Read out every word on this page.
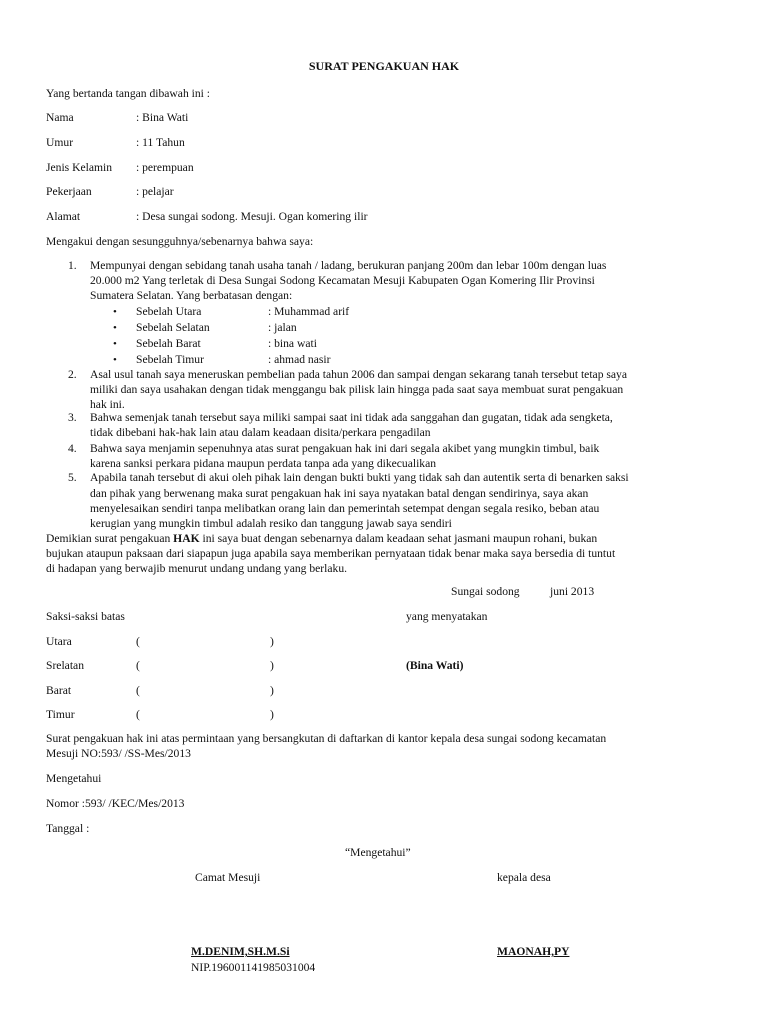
SURAT PENGAKUAN HAK
Yang bertanda tangan dibawah ini :
Nama	: Bina Wati
Umur	: 11 Tahun
Jenis Kelamin : perempuan
Pekerjaan	: pelajar
Alamat	: Desa sungai sodong. Mesuji. Ogan komering ilir
Mengakui dengan sesungguhnya/sebenarnya bahwa saya:
1. Mempunyai dengan sebidang tanah usaha tanah / ladang, berukuran panjang 200m dan lebar 100m dengan luas
20.000 m2 Yang terletak di Desa Sungai Sodong Kecamatan Mesuji Kabupaten Ogan Komering Ilir Provinsi
Sumatera Selatan. Yang berbatasan dengan:
• Sebelah Utara	: Muhammad arif
• Sebelah Selatan	: jalan
• Sebelah Barat	: bina wati
• Sebelah Timur	: ahmad nasir
2. Asal usul tanah saya meneruskan pembelian pada tahun 2006 dan sampai dengan sekarang tanah tersebut tetap saya
miliki dan saya usahakan dengan tidak menggangu bak pilisk lain hingga pada saat saya membuat surat pengakuan
hak ini.
3. Bahwa semenjak tanah tersebut saya miliki sampai saat ini tidak ada sanggahan dan gugatan, tidak ada sengketa,
tidak dibebani hak-hak lain atau dalam keadaan disita/perkara pengadilan
4. Bahwa saya menjamin sepenuhnya atas surat pengakuan hak ini dari segala akibet yang mungkin timbul, baik
karena sanksi perkara pidana maupun perdata tanpa ada yang dikecualikan
5. Apabila tanah tersebut di akui oleh pihak lain dengan bukti bukti yang tidak sah dan autentik serta di benarken saksi
dan pihak yang berwenang maka surat pengakuan hak ini saya nyatakan batal dengan sendirinya, saya akan
menyelesaikan sendiri tanpa melibatkan orang lain dan pemerintah setempat dengan segala resiko, beban atau
kerugian yang mungkin timbul adalah resiko dan tanggung jawab saya sendiri
Demikian surat pengakuan HAK ini saya buat dengan sebenarnya dalam keadaan sehat jasmani maupun rohani, bukan
bujukan ataupun paksaan dari siapapun juga apabila saya memberikan pernyataan tidak benar maka saya bersedia di tuntut
di hadapan yang berwajib menurut undang undang yang berlaku.
Sungai sodong	juni 2013
Saksi-saksi batas	yang menyatakan
Utara	(	)
Srelatan	(	)	(Bina Wati)
Barat	(	)
Timur	(	)
Surat pengakuan hak ini atas permintaan yang bersangkutan di daftarkan di kantor kepala desa sungai sodong kecamatan
Mesuji NO:593/ /SS-Mes/2013
Mengetahui
Nomor :593/ /KEC/Mes/2013
Tanggal :
“Mengetahui”
Camat Mesuji	kepala desa
M.DENIM,SH.M.Si	MAONAH,PY
NIP.196001141985031004
